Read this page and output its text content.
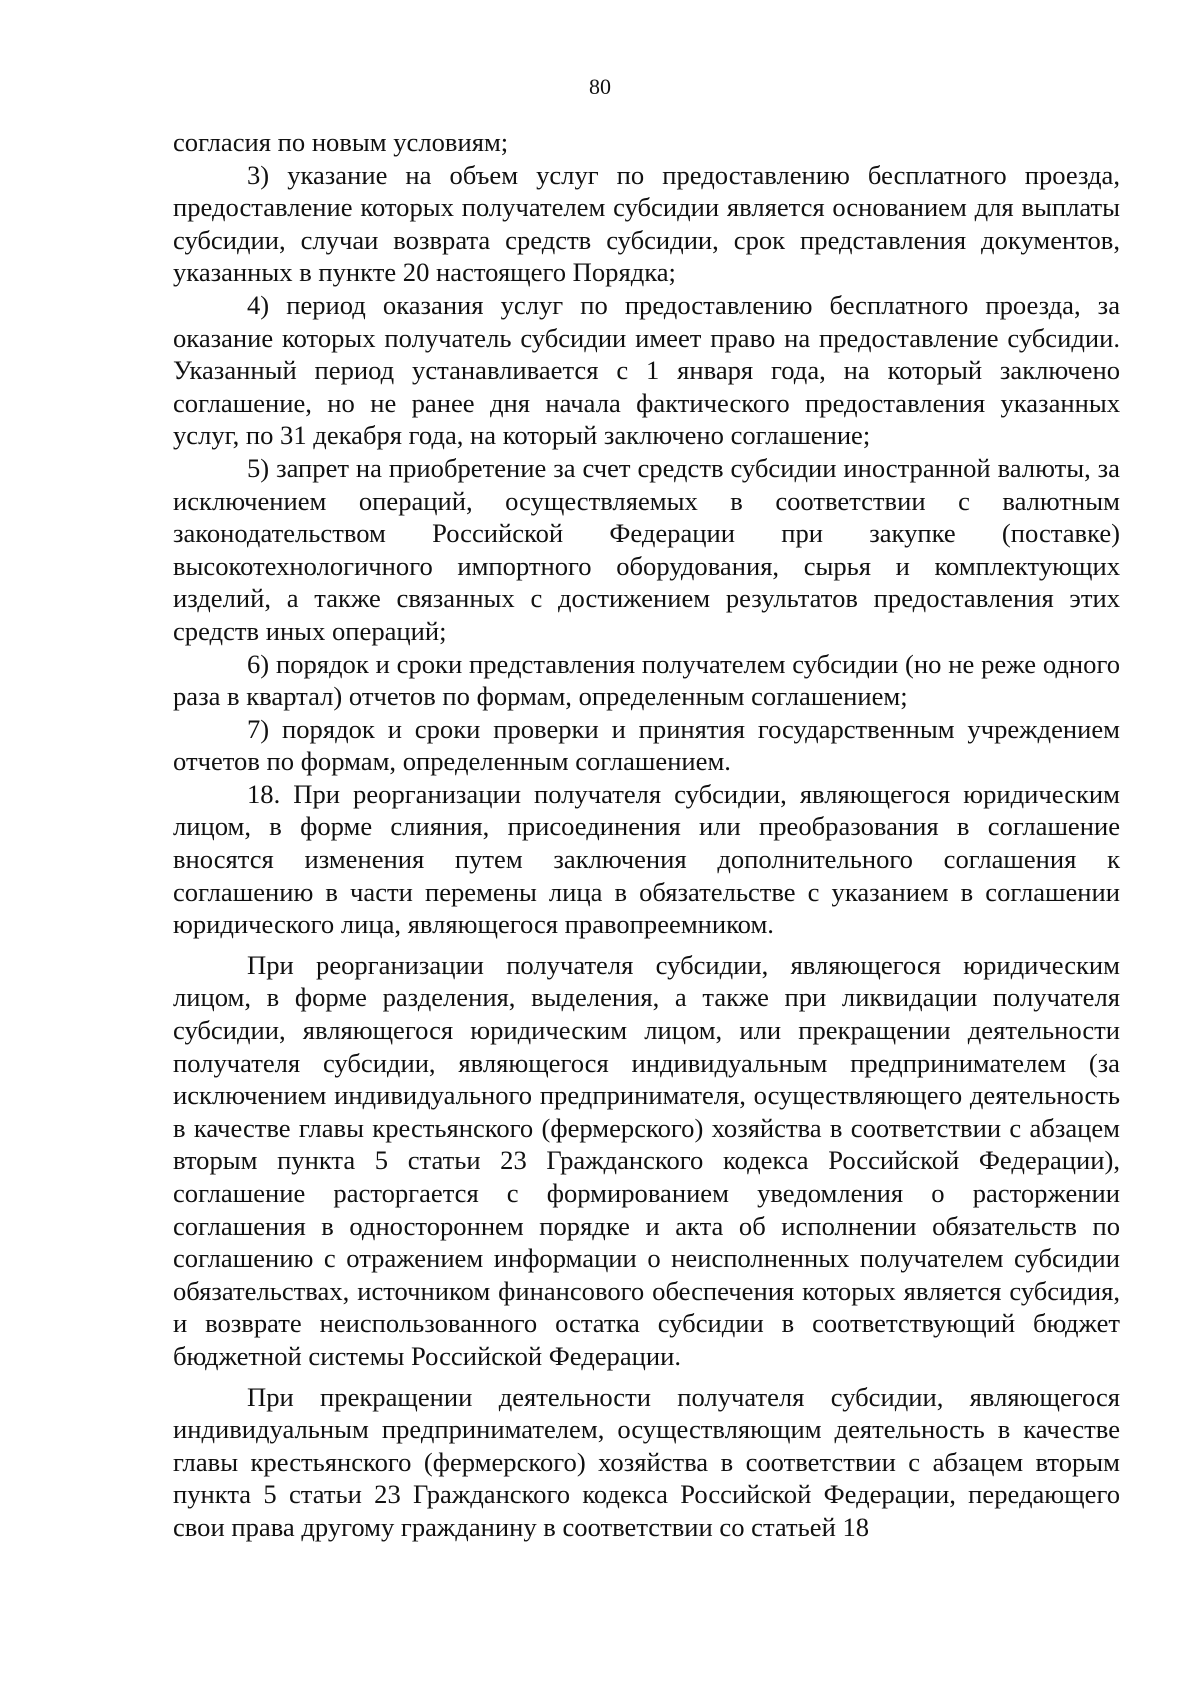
80

согласия по новым условиям;

3) указание на объем услуг по предоставлению бесплатного проезда, предоставление которых получателем субсидии является основанием для выплаты субсидии, случаи возврата средств субсидии, срок представления документов, указанных в пункте 20 настоящего Порядка;

4) период оказания услуг по предоставлению бесплатного проезда, за оказание которых получатель субсидии имеет право на предоставление субсидии. Указанный период устанавливается с 1 января года, на который заключено соглашение, но не ранее дня начала фактического предоставления указанных услуг, по 31 декабря года, на который заключено соглашение;

5) запрет на приобретение за счет средств субсидии иностранной валюты, за исключением операций, осуществляемых в соответствии с валютным законодательством Российской Федерации при закупке (поставке) высокотехнологичного импортного оборудования, сырья и комплектующих изделий, а также связанных с достижением результатов предоставления этих средств иных операций;

6) порядок и сроки представления получателем субсидии (но не реже одного раза в квартал) отчетов по формам, определенным соглашением;

7) порядок и сроки проверки и принятия государственным учреждением отчетов по формам, определенным соглашением.

18. При реорганизации получателя субсидии, являющегося юридическим лицом, в форме слияния, присоединения или преобразования в соглашение вносятся изменения путем заключения дополнительного соглашения к соглашению в части перемены лица в обязательстве с указанием в соглашении юридического лица, являющегося правопреемником.

При реорганизации получателя субсидии, являющегося юридическим лицом, в форме разделения, выделения, а также при ликвидации получателя субсидии, являющегося юридическим лицом, или прекращении деятельности получателя субсидии, являющегося индивидуальным предпринимателем (за исключением индивидуального предпринимателя, осуществляющего деятельность в качестве главы крестьянского (фермерского) хозяйства в соответствии с абзацем вторым пункта 5 статьи 23 Гражданского кодекса Российской Федерации), соглашение расторгается с формированием уведомления о расторжении соглашения в одностороннем порядке и акта об исполнении обязательств по соглашению с отражением информации о неисполненных получателем субсидии обязательствах, источником финансового обеспечения которых является субсидия, и возврате неиспользованного остатка субсидии в соответствующий бюджет бюджетной системы Российской Федерации.

При прекращении деятельности получателя субсидии, являющегося индивидуальным предпринимателем, осуществляющим деятельность в качестве главы крестьянского (фермерского) хозяйства в соответствии с абзацем вторым пункта 5 статьи 23 Гражданского кодекса Российской Федерации, передающего свои права другому гражданину в соответствии со статьей 18
